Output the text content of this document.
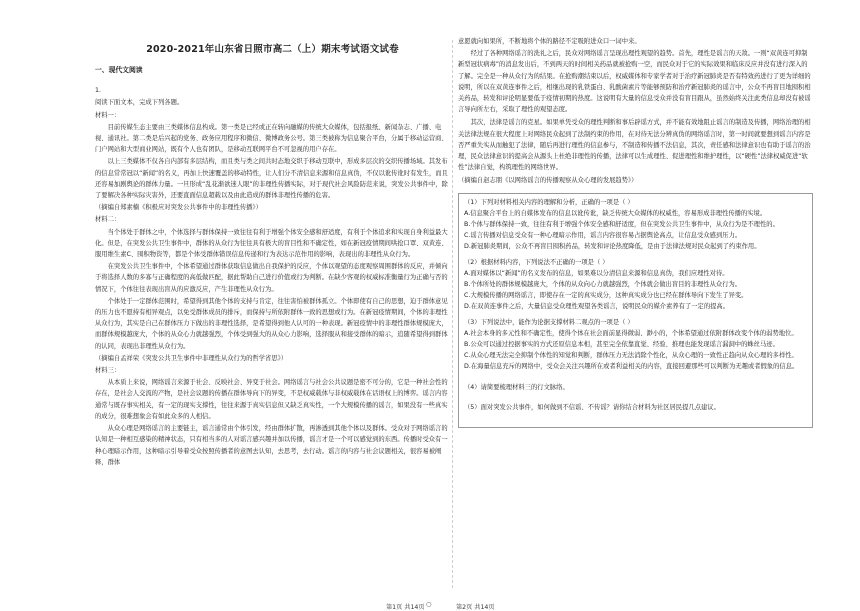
2020-2021年山东省日照市高二（上）期末考试语文试卷
一、现代文阅读
1.
阅读下面文本，完成下列各题。
材料一：

目前传媒生态主要由三类媒体信息构成。第一类是已经或正在转向融媒的传统大众媒体，包括报纸、新闻杂志、广播、电视、通讯社。第二类是后兴起的党务、政务应用程序和微信、微博政务公号。第三类被称为信息聚合平台，分属于移动运营商、门户网站和大型商业网站，既有个人也有团队，是移动互联网平台不可忽视的用户存在。

以上三类媒体不仅各自内部有多层结构，而且类与类之间共时态地交织于移动互联中，形成多层次的交织传播场域。其发布的信息常常冠以“新闻”的名义，再加上快速覆盖的移动特性，让人们分不清信息来源和信息真伪，不仅以讹传讹时有发生，而且还容易加剧舆论的群体力量。一旦形成“乱花渐欲迷人眼”的非理性传播实际，对于现代社会风险防范来说，突发公共事件中，除了要解决各种实际灾害外，还要直面信息超载以及由此造成的群体非理性传播的危害。

（摘编自郑素楠《积极应对突发公共事件中的非理性传播》）
材料二：

当个体处于群体之中，个体选择与群体保持一致往往有利于增强个体安全感和舒适度，有利于个体追求和实现自身利益最大化。但是，在突发公共卫生事件中，群体的从众行为往往具有极大的盲目性和不确定性，如在新冠疫情期间哄抢口罩、双黄连、服用维生素C、囤积物资等，都是个体受群体错误信息传递和行为表达示范作用的影响，表现出的非理性从众行为。

在突发公共卫生事件中，个体希望通过群体获取信息做出自我保护的反应，个体以观望的态度观察周围群体的反应，并倾向于将选择人数的多寡与正确程度的高低做匹配，据此帮助自己进行价值或行为判断。在缺少客观的权威标准衡量行为正确与否的情况下，个体往往表现出盲从的应激反应，产生非理性从众行为。

个体处于一定群体范围时，希望得到其他个体的支持与肯定，往往害怕被群体孤立。个体即使有自己的思想，迫于群体意见的压力也不愿持有相异观点，以免受群体成员的排斥，而保持与所依附群体一致的思想或行为。在新冠疫情期间，个体的非理性从众行为，其实是自己在群体压力下做出的非理性选择，是希望得到他人认可的一种表现。新冠疫情中的非理性群体规模庞大，而群体规模越庞大，个体的从众心力就越强烈，个体受到强大的从众心力影响，选择服从和接受群体的暗示，追随希望得到群体的认同，表现出非理性从众行为。

（摘编自孟祥荣《突发公共卫生事件中非理性从众行为的哲学省思》）
材料三：

从本质上来说，网络谣言来源于社会、反映社会、异变于社会。网络谣言与社会公共议题是密不可分的，它是一种社会性的存在，是社会人交流的产物，是社会议题的传播在群体导向下的异变，不是权威载体与非权威载体在话语权上的博弈。谣言内容通常与既存事实相关，有一定的现实支撑性，往往来源于真实信息但又缺乏真实性，一个大规模传播的谣言，如果没有一些真实的成分，很难想象会有如此众多的人相信。

从众心理是网络谣言的主要链主，谣言通常由个体引发，经由群体扩散，再渗透到其他个体以及群体。受众对于网络谣言的认知是一种相互感染的精神状态，只有相当多的人对谣言感兴趣并加以传播，谣言才是一个可以感觉到的东西。传播时受众有一种心理暗示作用，这种暗示引导着受众按照传播者的意图去认知，去思考，去行动。谣言的内容与社会议题相关，很容易被阐释，群体

意愿就向如果所，不断地将个体的路径不定吸附进众口一词中来。

经过了各种网络谣言的洗礼之后，民众对网络谣言呈现出理性观望的趋势。首先，理性是谣言的天敌。一则“双黄连可抑制新型冠状病毒”的消息发出后，不到两天的时间相关药品就被抢购一空，而民众对于它的实际效果和临床反应并没有进行深入的了解。完全是一种从众行为的结果。在抢购潮结束以后，权威媒体和专家学者对于治疗新冠肺炎是否有特效药进行了更为详细的说明，所以在双黄连事件之后，相继出现的乳铁蛋白、乳酸菌素片等能够预防和治疗新冠肺炎的谣言中，公众不再盲目地囤积相关药品，转发和评论明显要低于疫情初期的热度。这说明有大量的信息受众并没有盲目跟从，虽然始终关注此类信息却没有被谣言导向所左右，采取了理性的观望态度。

其次，法律是谣言的克星。如果单凭受众的理性判断和事后辟谣方式，并不能有效地阻止谣言的制造及传播，网络治理的相关法律法规在很大程度上对网络民众起到了法制约束的作用，在对待无法分辨真伪的网络谣言时，第一时间就要想到谣言内容是否严重失实从而触犯了法律，随后再进行理性的信息参与，不制造和传播不法信息，其次，责任感和法律意识也有助于谣言的治理，民众法律意识的提高会从源头上杜绝非理性的传播，法律可以生成理性、促进理性和维护理性，以“硬性”法律权威促进“软性”法律自觉，构筑理性的网络世界。

（摘编自赵志朋《以网络谣言的传播观察从众心理的发展趋势》）

（1）下列对材料相关内容的理解和分析，正确的一项是（ ）

A.信息聚合平台上的自媒体发布的信息以讹传讹，缺乏传统大众媒体的权威性，容易形成非理性传播的实境。

B.个体与群体保持一致，往往有利于增强个体安全感和舒适度，但在突发公共卫生事件中，从众行为是不理性的。

C.谣言传播对信息受众有一种心理暗示作用，谣言内容很容易占据舆论高点，让信息受众感到压力。

D.新冠肺炎期间，公众不再盲目囤积药品，转发和评论热度降低，是由于法律法规对民众起到了约束作用。

（2）根据材料内容，下列说法不正确的一项是（ ）

A.面对媒体以“新闻”的名义发布的信息，如果难以分清信息来源和信息真伪，我们应理性对待。

B.个体所处的群体规模越庞大，个体的从众向心力就越强烈，个体就会做出盲目的非理性从众行为。

C.大规模传播的网络谣言，即使存在一定的真实成分，这种真实成分也已经在群体导向下发生了异变。

D.在双黄连事件之后，大量信息受众理性观望各类谣言，说明民众的媒介素养有了一定的提高。

（3）下列说法中，能作为论据支撑材料二观点的一项是（ ）

A.社会本身的多元性和不确定性，使得个体在社会面前显得微弱、渺小的，个体希望通过依附群体改变个体的弱势地位。

B.公众可以通过控据事实的方式还原信息本相，甚至完全依靠直觉、经验、推理也能发现谣言漏洞中的蛛丝马迹。

C.从众心理无法完全抑制个体性的知觉和判断，群体压力无法消除个性化，从众心理的一致性正趋向从众心理的多样性。

D.在海量信息充斥的网络中，受众会关注兴趣所在或者利益相关的内容，直接回避那些可以判断为无趣或者假象的信息。

（4）请简要梳理材料三的行文脉络。

（5）面对突发公共事件，如何做到不信谣、不传谣？请你结合材料为社区居民提几点建议。

第1页 共14页 ○	第2页 共14页
